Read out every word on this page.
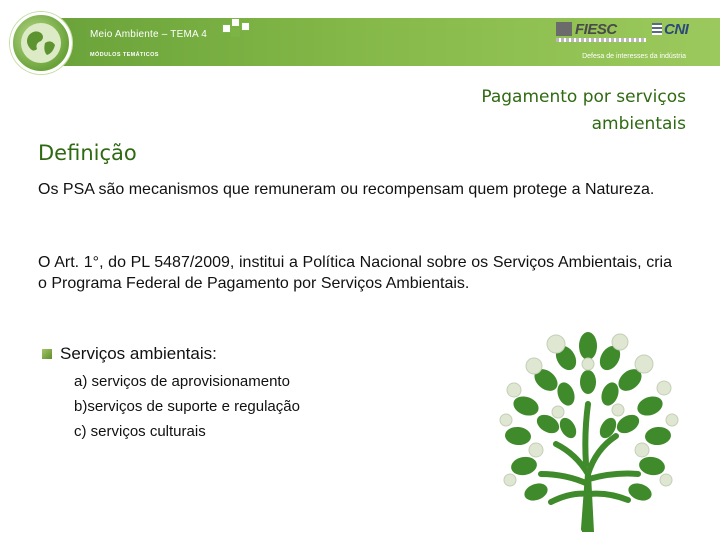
Meio Ambiente – TEMA 4
MÓDULOS TEMÁTICOS
FIESC	CNI
Defesa de interesses da indústria
Pagamento por serviços
ambientais
Definição
Os PSA são mecanismos que remuneram ou recompensam quem protege a Natureza.
O Art. 1°, do PL 5487/2009, institui a Política Nacional sobre os Serviços Ambientais, cria o Programa Federal de Pagamento por Serviços Ambientais.
Serviços ambientais:
a) serviços de aprovisionamento
b)serviços de suporte e regulação
c) serviços culturais
